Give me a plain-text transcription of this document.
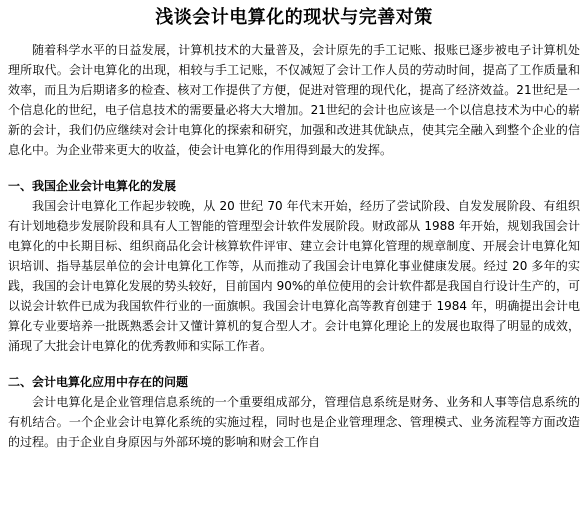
浅谈会计电算化的现状与完善对策

随着科学水平的日益发展，计算机技术的大量普及，会计原先的手工记账、报账已逐步被电子计算机处理所取代。会计电算化的出现，相较与手工记账，不仅减短了会计工作人员的劳动时间，提高了工作质量和效率，而且为后期诸多的检查、核对工作提供了方便，促进对管理的现代化，提高了经济效益。21世纪是一个信息化的世纪，电子信息技术的需要量必将大大增加。21世纪的会计也应该是一个以信息技术为中心的崭新的会计，我们仍应继续对会计电算化的探索和研究，加强和改进其优缺点，使其完全融入到整个企业的信息化中。为企业带来更大的收益，使会计电算化的作用得到最大的发挥。

一、我国企业会计电算化的发展

我国会计电算化工作起步较晚，从 20 世纪 70 年代末开始，经历了尝试阶段、自发发展阶段、有组织有计划地稳步发展阶段和具有人工智能的管理型会计软件发展阶段。财政部从 1988 年开始，规划我国会计电算化的中长期目标、组织商品化会计核算软件评审、建立会计电算化管理的规章制度、开展会计电算化知识培训、指导基层单位的会计电算化工作等，从而推动了我国会计电算化事业健康发展。经过 20 多年的实践，我国的会计电算化发展的势头较好，目前国内 90%的单位使用的会计软件都是我国自行设计生产的，可以说会计软件已成为我国软件行业的一面旗帜。我国会计电算化高等教育创建于 1984 年，明确提出会计电算化专业要培养一批既熟悉会计又懂计算机的复合型人才。会计电算化理论上的发展也取得了明显的成效，涌现了大批会计电算化的优秀教师和实际工作者。

二、会计电算化应用中存在的问题

会计电算化是企业管理信息系统的一个重要组成部分，管理信息系统是财务、业务和人事等信息系统的有机结合。一个企业会计电算化系统的实施过程，同时也是企业管理理念、管理模式、业务流程等方面改造的过程。由于企业自身原因与外部环境的影响和财会工作自
